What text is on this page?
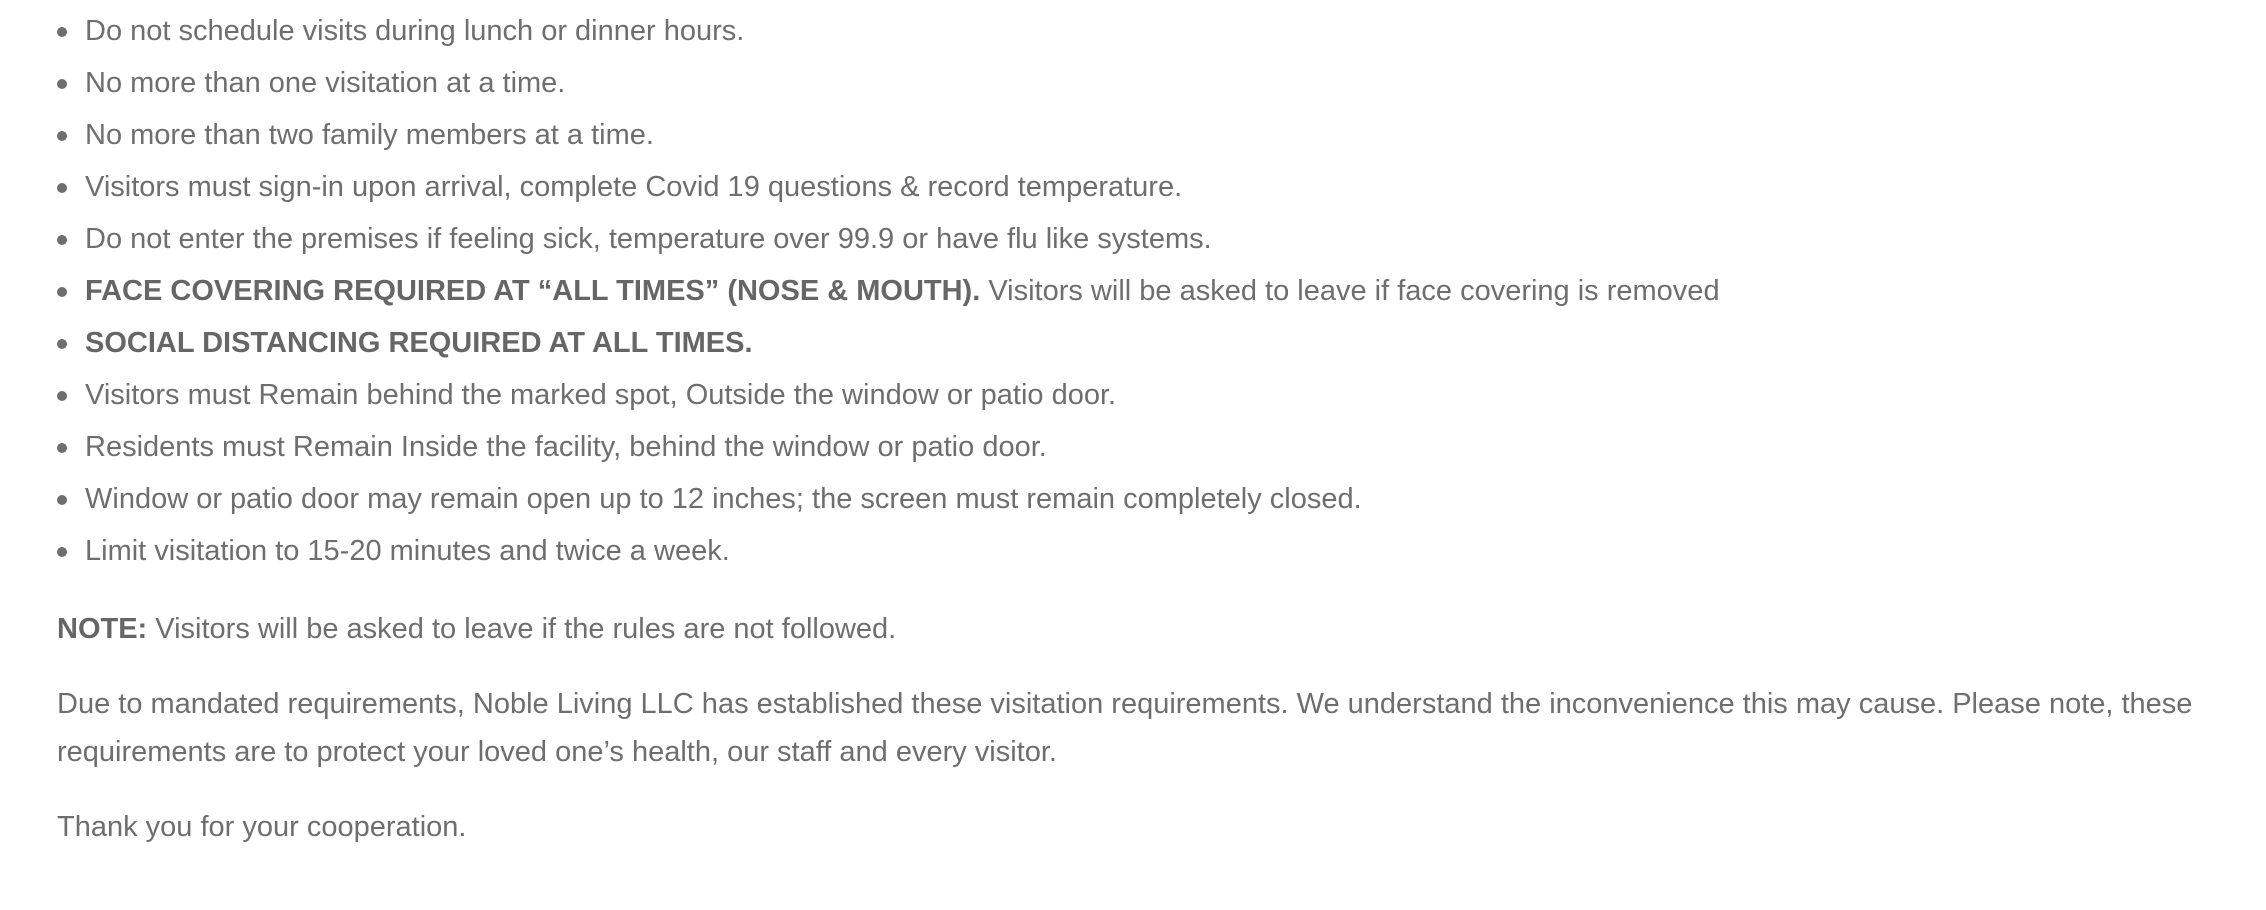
Do not schedule visits during lunch or dinner hours.
No more than one visitation at a time.
No more than two family members at a time.
Visitors must sign-in upon arrival, complete Covid 19 questions & record temperature.
Do not enter the premises if feeling sick, temperature over 99.9 or have flu like systems.
FACE COVERING REQUIRED AT “ALL TIMES” (NOSE & MOUTH). Visitors will be asked to leave if face covering is removed
SOCIAL DISTANCING REQUIRED AT ALL TIMES.
Visitors must Remain behind the marked spot, Outside the window or patio door.
Residents must Remain Inside the facility, behind the window or patio door.
Window or patio door may remain open up to 12 inches; the screen must remain completely closed.
Limit visitation to 15-20 minutes and twice a week.

NOTE: Visitors will be asked to leave if the rules are not followed.

Due to mandated requirements, Noble Living LLC has established these visitation requirements. We understand the inconvenience this may cause. Please note, these requirements are to protect your loved one’s health, our staff and every visitor.

Thank you for your cooperation.
